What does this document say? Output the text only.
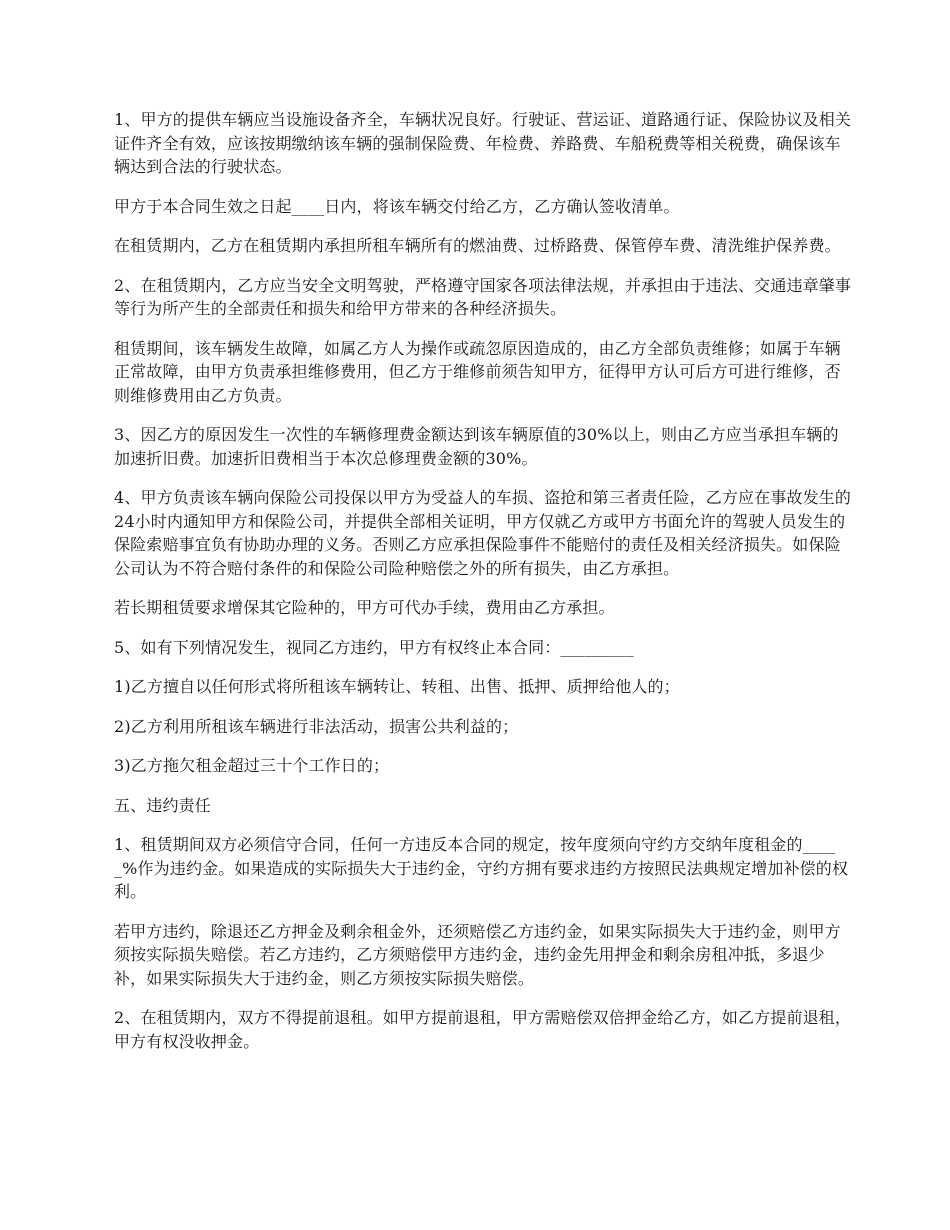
1、甲方的提供车辆应当设施设备齐全，车辆状况良好。行驶证、营运证、道路通行证、保险协议及相关证件齐全有效，应该按期缴纳该车辆的强制保险费、年检费、养路费、车船税费等相关税费，确保该车辆达到合法的行驶状态。

甲方于本合同生效之日起____日内，将该车辆交付给乙方，乙方确认签收清单。

在租赁期内，乙方在租赁期内承担所租车辆所有的燃油费、过桥路费、保管停车费、清洗维护保养费。

2、在租赁期内，乙方应当安全文明驾驶，严格遵守国家各项法律法规，并承担由于违法、交通违章肇事等行为所产生的全部责任和损失和给甲方带来的各种经济损失。

租赁期间，该车辆发生故障，如属乙方人为操作或疏忽原因造成的，由乙方全部负责维修；如属于车辆正常故障，由甲方负责承担维修费用，但乙方于维修前须告知甲方，征得甲方认可后方可进行维修，否则维修费用由乙方负责。

3、因乙方的原因发生一次性的车辆修理费金额达到该车辆原值的30%以上，则由乙方应当承担车辆的加速折旧费。加速折旧费相当于本次总修理费金额的30%。

4、甲方负责该车辆向保险公司投保以甲方为受益人的车损、盗抢和第三者责任险，乙方应在事故发生的24小时内通知甲方和保险公司，并提供全部相关证明，甲方仅就乙方或甲方书面允许的驾驶人员发生的保险索赔事宜负有协助办理的义务。否则乙方应承担保险事件不能赔付的责任及相关经济损失。如保险公司认为不符合赔付条件的和保险公司险种赔偿之外的所有损失，由乙方承担。

若长期租赁要求增保其它险种的，甲方可代办手续，费用由乙方承担。

5、如有下列情况发生，视同乙方违约，甲方有权终止本合同：_________

1)乙方擅自以任何形式将所租该车辆转让、转租、出售、抵押、质押给他人的；

2)乙方利用所租该车辆进行非法活动，损害公共利益的；

3)乙方拖欠租金超过三十个工作日的；

五、违约责任

1、租赁期间双方必须信守合同，任何一方违反本合同的规定，按年度须向守约方交纳年度租金的_____%作为违约金。如果造成的实际损失大于违约金，守约方拥有要求违约方按照民法典规定增加补偿的权利。

若甲方违约，除退还乙方押金及剩余租金外，还须赔偿乙方违约金，如果实际损失大于违约金，则甲方须按实际损失赔偿。若乙方违约，乙方须赔偿甲方违约金，违约金先用押金和剩余房租冲抵，多退少补，如果实际损失大于违约金，则乙方须按实际损失赔偿。

2、在租赁期内，双方不得提前退租。如甲方提前退租，甲方需赔偿双倍押金给乙方，如乙方提前退租，甲方有权没收押金。
